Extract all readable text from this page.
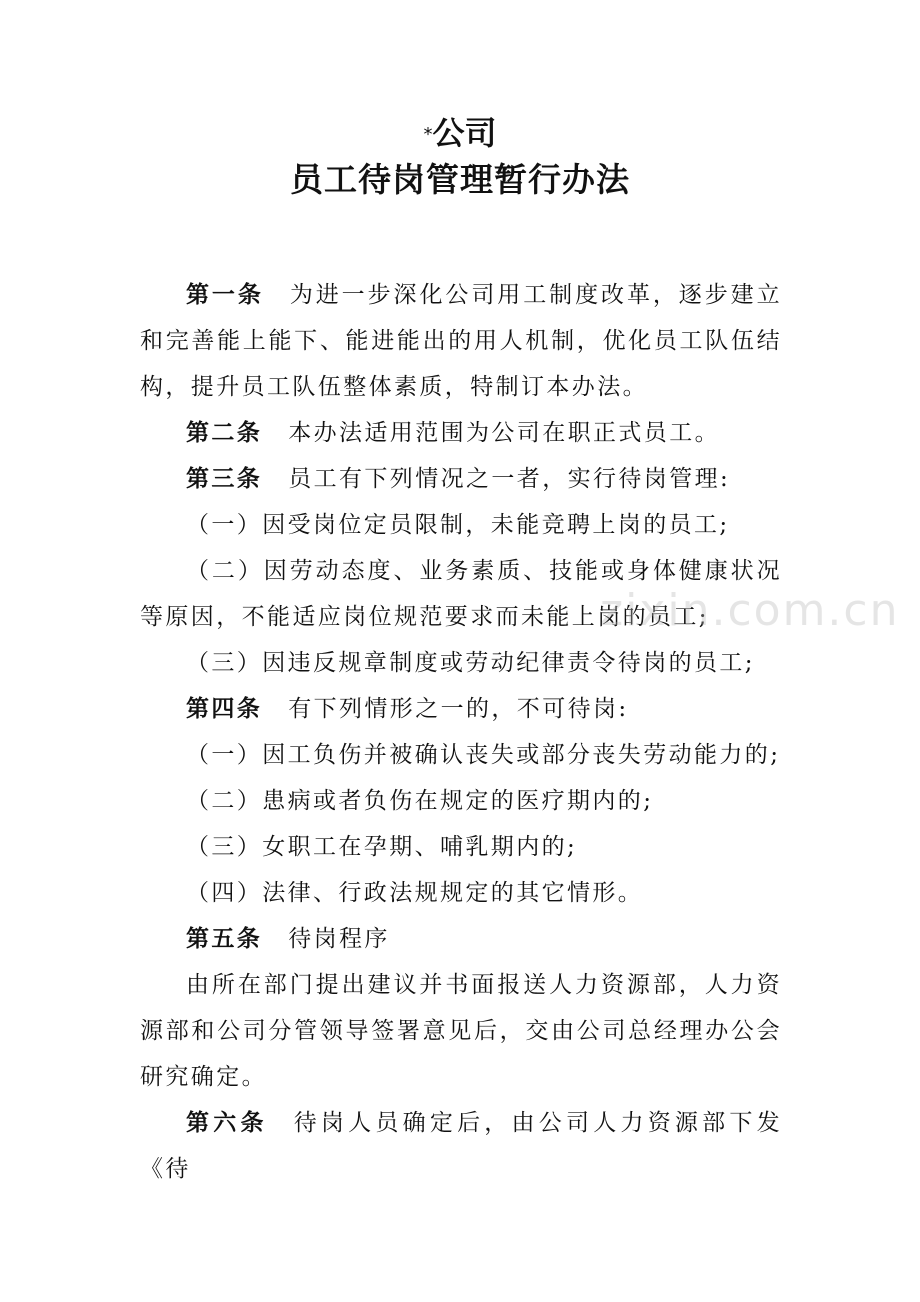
*公司
员工待岗管理暂行办法

第一条 为进一步深化公司用工制度改革，逐步建立和完善能上能下、能进能出的用人机制，优化员工队伍结构，提升员工队伍整体素质，特制订本办法。

第二条 本办法适用范围为公司在职正式员工。

第三条 员工有下列情况之一者，实行待岗管理:

（一）因受岗位定员限制，未能竞聘上岗的员工;

（二）因劳动态度、业务素质、技能或身体健康状况等原因，不能适应岗位规范要求而未能上岗的员工;

（三）因违反规章制度或劳动纪律责令待岗的员工;

第四条 有下列情形之一的，不可待岗:

（一）因工负伤并被确认丧失或部分丧失劳动能力的;

（二）患病或者负伤在规定的医疗期内的;

（三）女职工在孕期、哺乳期内的;

（四）法律、行政法规规定的其它情形。

第五条 待岗程序

由所在部门提出建议并书面报送人力资源部，人力资源部和公司分管领导签署意见后，交由公司总经理办公会研究确定。

第六条 待岗人员确定后，由公司人力资源部下发《待

zixin.com.cn
